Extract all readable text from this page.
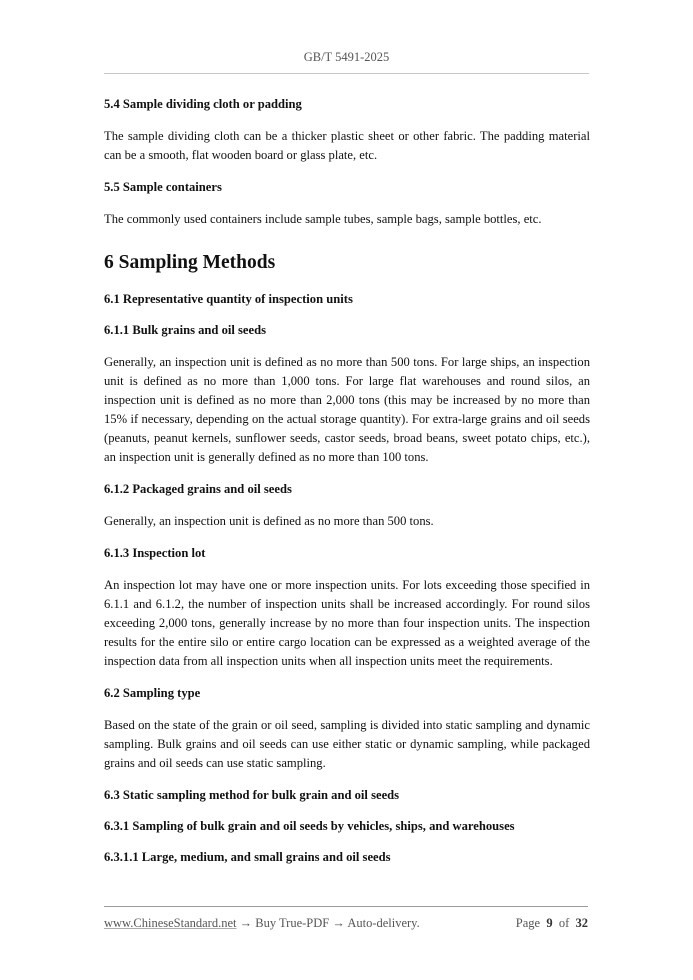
GB/T 5491-2025

5.4 Sample dividing cloth or padding

The sample dividing cloth can be a thicker plastic sheet or other fabric. The padding material can be a smooth, flat wooden board or glass plate, etc.

5.5 Sample containers

The commonly used containers include sample tubes, sample bags, sample bottles, etc.

6 Sampling Methods

6.1 Representative quantity of inspection units

6.1.1 Bulk grains and oil seeds

Generally, an inspection unit is defined as no more than 500 tons. For large ships, an inspection unit is defined as no more than 1,000 tons. For large flat warehouses and round silos, an inspection unit is defined as no more than 2,000 tons (this may be increased by no more than 15% if necessary, depending on the actual storage quantity). For extra-large grains and oil seeds (peanuts, peanut kernels, sunflower seeds, castor seeds, broad beans, sweet potato chips, etc.), an inspection unit is generally defined as no more than 100 tons.

6.1.2 Packaged grains and oil seeds

Generally, an inspection unit is defined as no more than 500 tons.

6.1.3 Inspection lot

An inspection lot may have one or more inspection units. For lots exceeding those specified in 6.1.1 and 6.1.2, the number of inspection units shall be increased accordingly. For round silos exceeding 2,000 tons, generally increase by no more than four inspection units. The inspection results for the entire silo or entire cargo location can be expressed as a weighted average of the inspection data from all inspection units when all inspection units meet the requirements.

6.2 Sampling type

Based on the state of the grain or oil seed, sampling is divided into static sampling and dynamic sampling. Bulk grains and oil seeds can use either static or dynamic sampling, while packaged grains and oil seeds can use static sampling.

6.3 Static sampling method for bulk grain and oil seeds

6.3.1 Sampling of bulk grain and oil seeds by vehicles, ships, and warehouses

6.3.1.1 Large, medium, and small grains and oil seeds

www.ChineseStandard.net → Buy True-PDF → Auto-delivery.	Page 9 of 32
